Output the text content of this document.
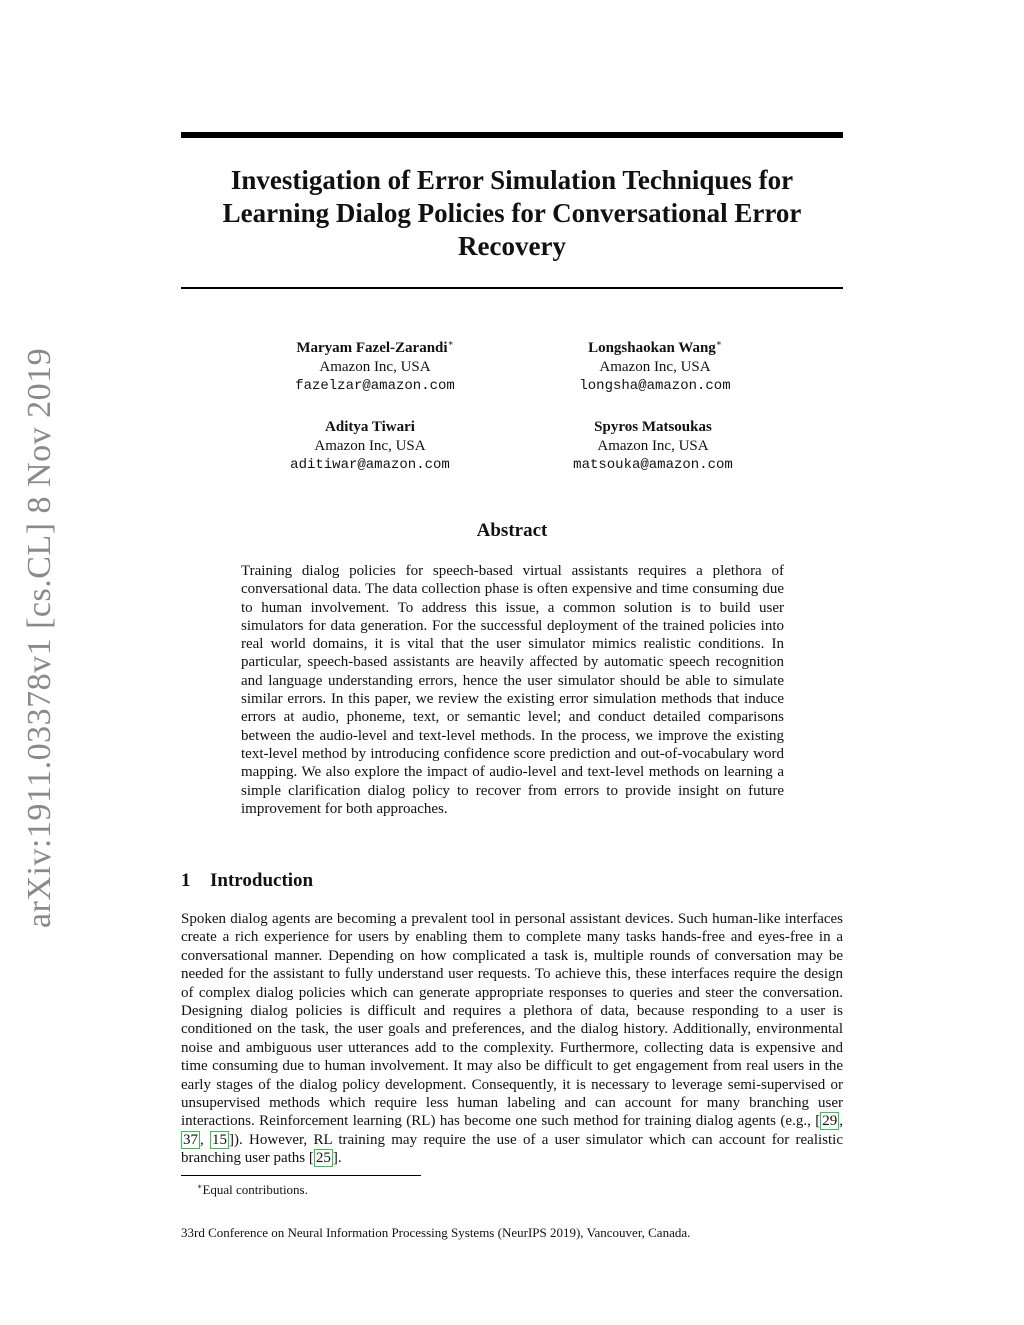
arXiv:1911.03378v1 [cs.CL] 8 Nov 2019
Investigation of Error Simulation Techniques for
Learning Dialog Policies for Conversational Error
Recovery
Maryam Fazel-Zarandi∗
Amazon Inc, USA
fazelzar@amazon.com
Longshaokan Wang∗
Amazon Inc, USA
longsha@amazon.com
Aditya Tiwari
Amazon Inc, USA
aditiwar@amazon.com
Spyros Matsoukas
Amazon Inc, USA
matsouka@amazon.com
Abstract
Training dialog policies for speech-based virtual assistants requires a plethora of conversational data. The data collection phase is often expensive and time consuming due to human involvement. To address this issue, a common solution is to build user simulators for data generation. For the successful deployment of the trained policies into real world domains, it is vital that the user simulator mimics realistic conditions. In particular, speech-based assistants are heavily affected by automatic speech recognition and language understanding errors, hence the user simulator should be able to simulate similar errors. In this paper, we review the existing error simulation methods that induce errors at audio, phoneme, text, or semantic level; and conduct detailed comparisons between the audio-level and text-level methods. In the process, we improve the existing text-level method by introducing confidence score prediction and out-of-vocabulary word mapping. We also explore the impact of audio-level and text-level methods on learning a simple clarification dialog policy to recover from errors to provide insight on future improvement for both approaches.
1 Introduction
Spoken dialog agents are becoming a prevalent tool in personal assistant devices. Such human-like interfaces create a rich experience for users by enabling them to complete many tasks hands-free and eyes-free in a conversational manner. Depending on how complicated a task is, multiple rounds of conversation may be needed for the assistant to fully understand user requests. To achieve this, these interfaces require the design of complex dialog policies which can generate appropriate responses to queries and steer the conversation. Designing dialog policies is difficult and requires a plethora of data, because responding to a user is conditioned on the task, the user goals and preferences, and the dialog history. Additionally, environmental noise and ambiguous user utterances add to the complexity. Furthermore, collecting data is expensive and time consuming due to human involvement. It may also be difficult to get engagement from real users in the early stages of the dialog policy development. Consequently, it is necessary to leverage semi-supervised or unsupervised methods which require less human labeling and can account for many branching user interactions. Reinforcement learning (RL) has become one such method for training dialog agents (e.g., [ 29 , 37 , 15 ]). However, RL training may require the use of a user simulator which can account for realistic branching user paths [ 25 ].
∗Equal contributions.
33rd Conference on Neural Information Processing Systems (NeurIPS 2019), Vancouver, Canada.
